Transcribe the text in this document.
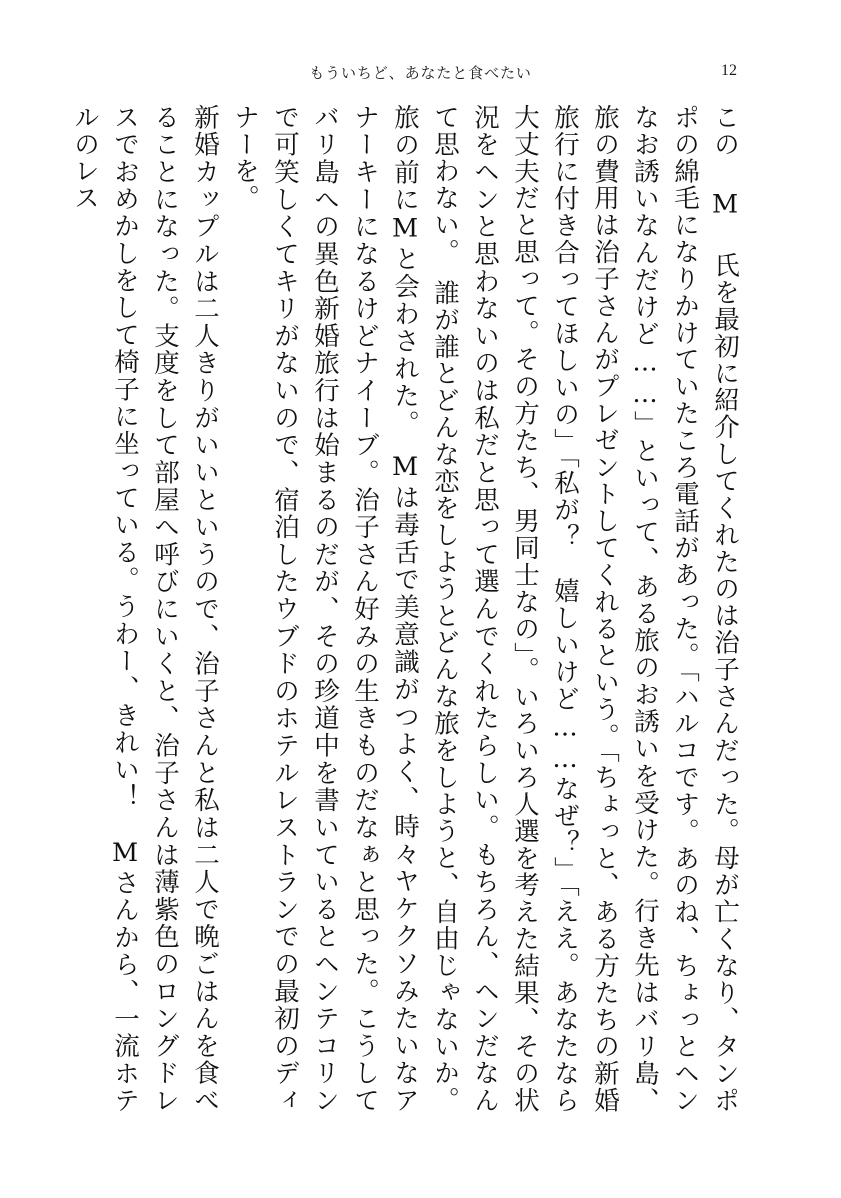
もういちど、あなたと食べたい	12

この M 氏を最初に紹介してくれたのは治子さんだった。母が亡くなり、タンポポの綿毛になりかけていたころ電話があった。「ハルコです。あのね、ちょっとヘンなお誘いなんだけど……」といって、ある旅のお誘いを受けた。行き先はバリ島、旅の費用は治子さんがプレゼントしてくれるという。「ちょっと、ある方たちの新婚旅行に付き合ってほしいの」「私が？　嬉しいけど……なぜ？」「ええ。あなたなら大丈夫だと思って。その方たち、男同士なの」。いろいろ人選を考えた結果、その状況をヘンと思わないのは私だと思って選んでくれたらしい。もちろん、ヘンだなんて思わない。　誰が誰とどんな恋をしようとどんな旅をしようと、自由じゃないか。

旅の前にMと会わされた。　Mは毒舌で美意識がつよく、時々ヤケクソみたいなアナーキーになるけどナイーブ。治子さん好みの生きものだなぁと思った。こうしてバリ島への異色新婚旅行は始まるのだが、その珍道中を書いているとヘンテコリンで可笑しくてキリがないので、宿泊したウブドのホテルレストランでの最初のディナーを。

新婚カップルは二人きりがいいというので、治子さんと私は二人で晩ごはんを食べることになった。支度をして部屋へ呼びにいくと、治子さんは薄紫色のロングドレスでおめかしをして椅子に坐っている。うわー、きれい！　Mさんから、一流ホテルのレス
